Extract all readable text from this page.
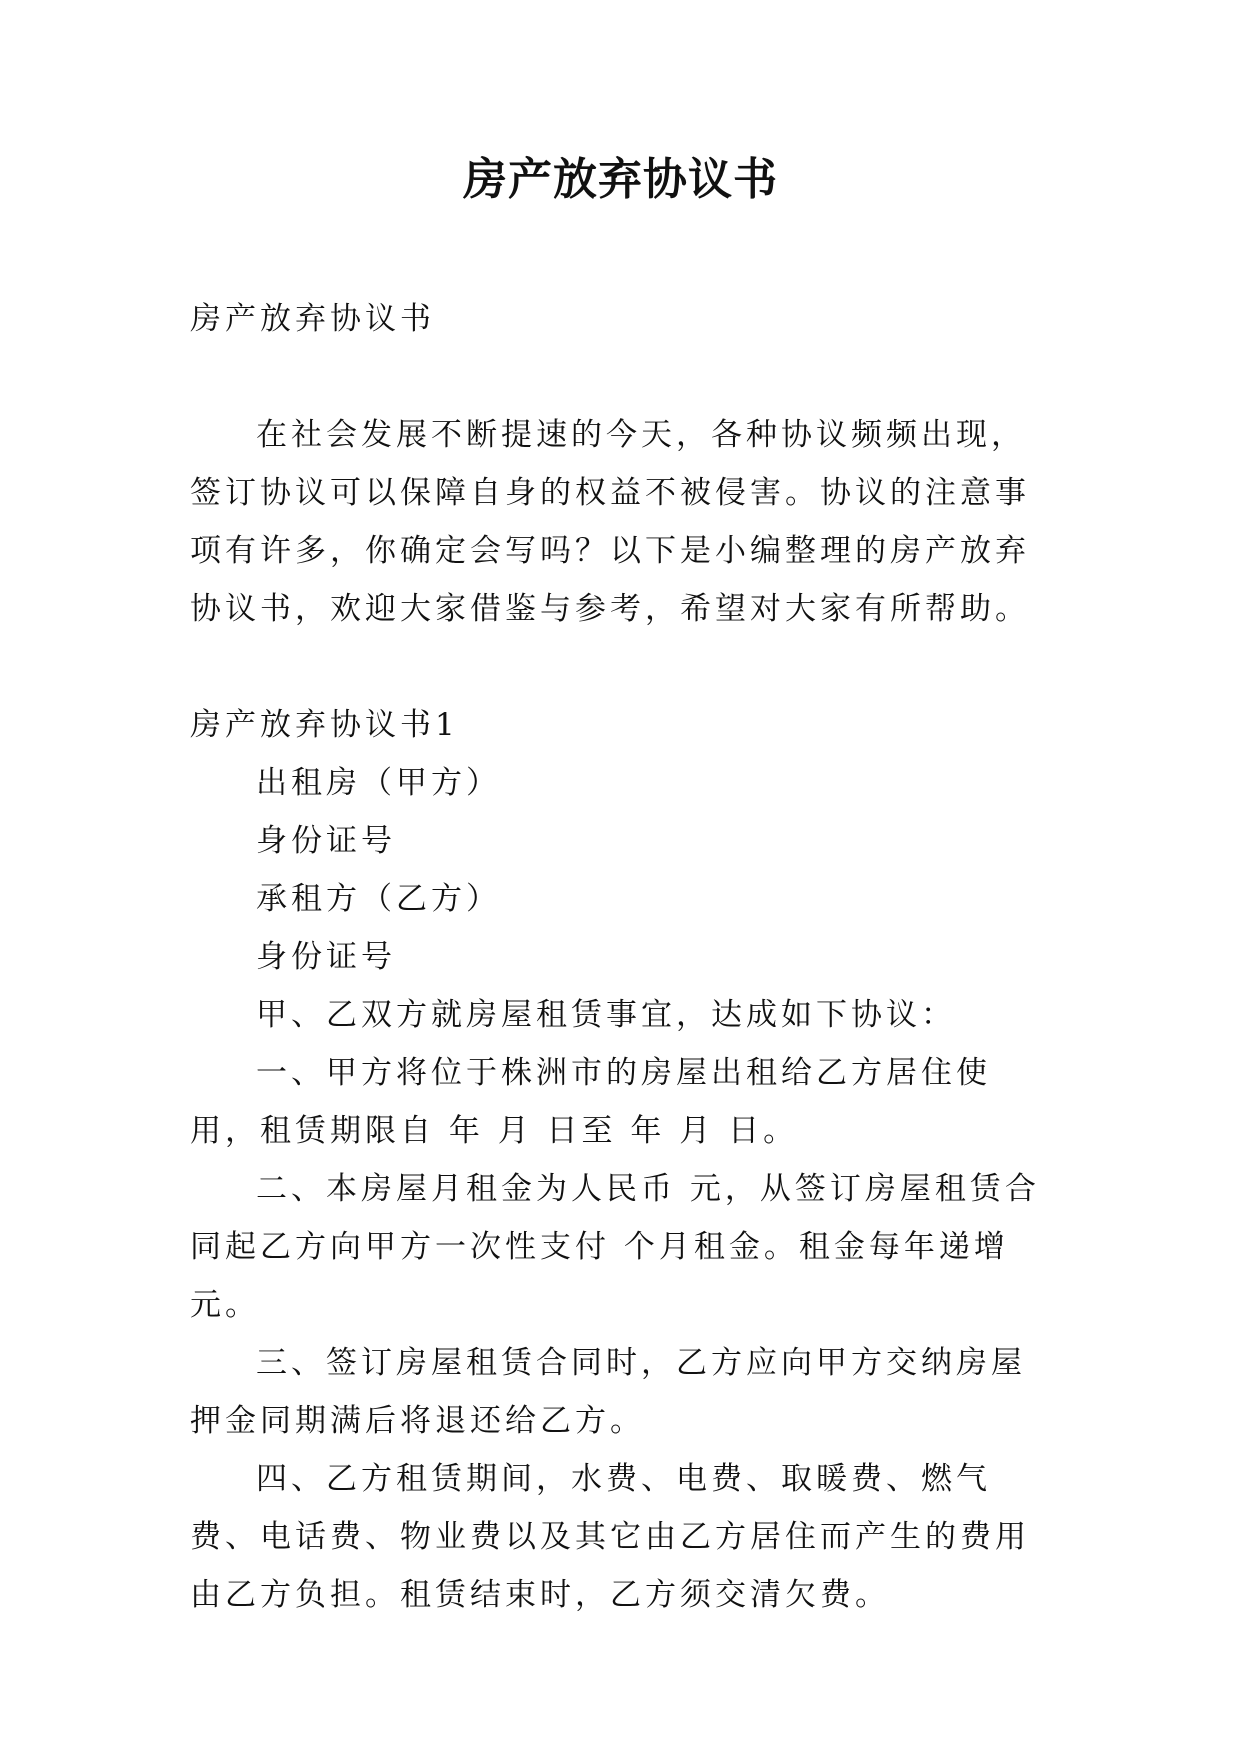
房产放弃协议书

房产放弃协议书

在社会发展不断提速的今天，各种协议频频出现，签订协议可以保障自身的权益不被侵害。协议的注意事项有许多，你确定会写吗？以下是小编整理的房产放弃协议书，欢迎大家借鉴与参考，希望对大家有所帮助。

房产放弃协议书1

出租房（甲方）

身份证号

承租方（乙方）

身份证号

甲、乙双方就房屋租赁事宜，达成如下协议：

一、甲方将位于株洲市的房屋出租给乙方居住使用，租赁期限自 年 月 日至 年 月 日。

二、本房屋月租金为人民币 元，从签订房屋租赁合同起乙方向甲方一次性支付 个月租金。租金每年递增 元。

三、签订房屋租赁合同时，乙方应向甲方交纳房屋押金同期满后将退还给乙方。

四、乙方租赁期间，水费、电费、取暖费、燃气费、电话费、物业费以及其它由乙方居住而产生的费用由乙方负担。租赁结束时，乙方须交清欠费。
